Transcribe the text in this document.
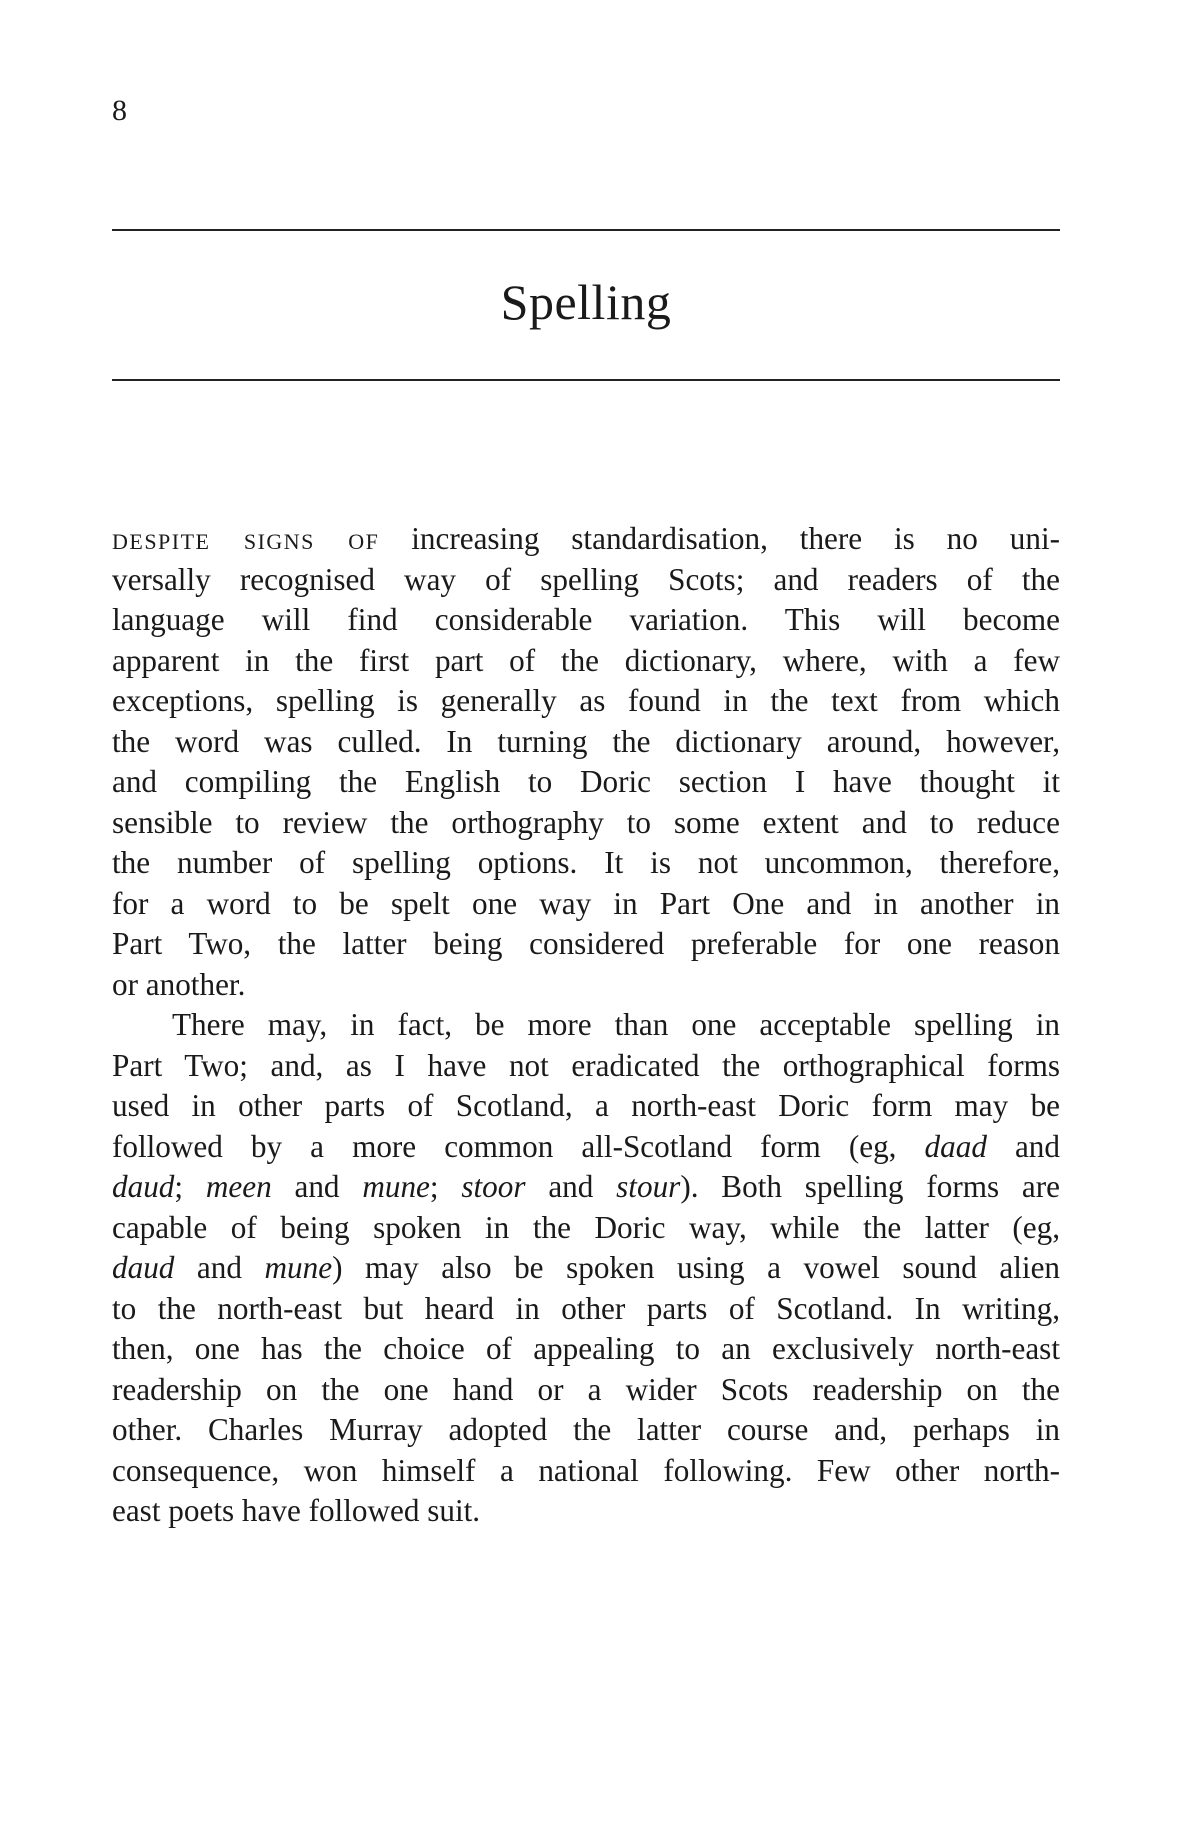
8
Spelling
despite signs of increasing standardisation, there is no uni-
versally recognised way of spelling Scots; and readers of the
language will find considerable variation. This will become
apparent in the first part of the dictionary, where, with a few
exceptions, spelling is generally as found in the text from which
the word was culled. In turning the dictionary around, however,
and compiling the English to Doric section I have thought it
sensible to review the orthography to some extent and to reduce
the number of spelling options. It is not uncommon, therefore,
for a word to be spelt one way in Part One and in another in
Part Two, the latter being considered preferable for one reason
or another.
There may, in fact, be more than one acceptable spelling in
Part Two; and, as I have not eradicated the orthographical forms
used in other parts of Scotland, a north-east Doric form may be
followed by a more common all-Scotland form (eg, daad and
daud; meen and mune; stoor and stour). Both spelling forms are
capable of being spoken in the Doric way, while the latter (eg,
daud and mune) may also be spoken using a vowel sound alien
to the north-east but heard in other parts of Scotland. In writing,
then, one has the choice of appealing to an exclusively north-east
readership on the one hand or a wider Scots readership on the
other. Charles Murray adopted the latter course and, perhaps in
consequence, won himself a national following. Few other north-
east poets have followed suit.
